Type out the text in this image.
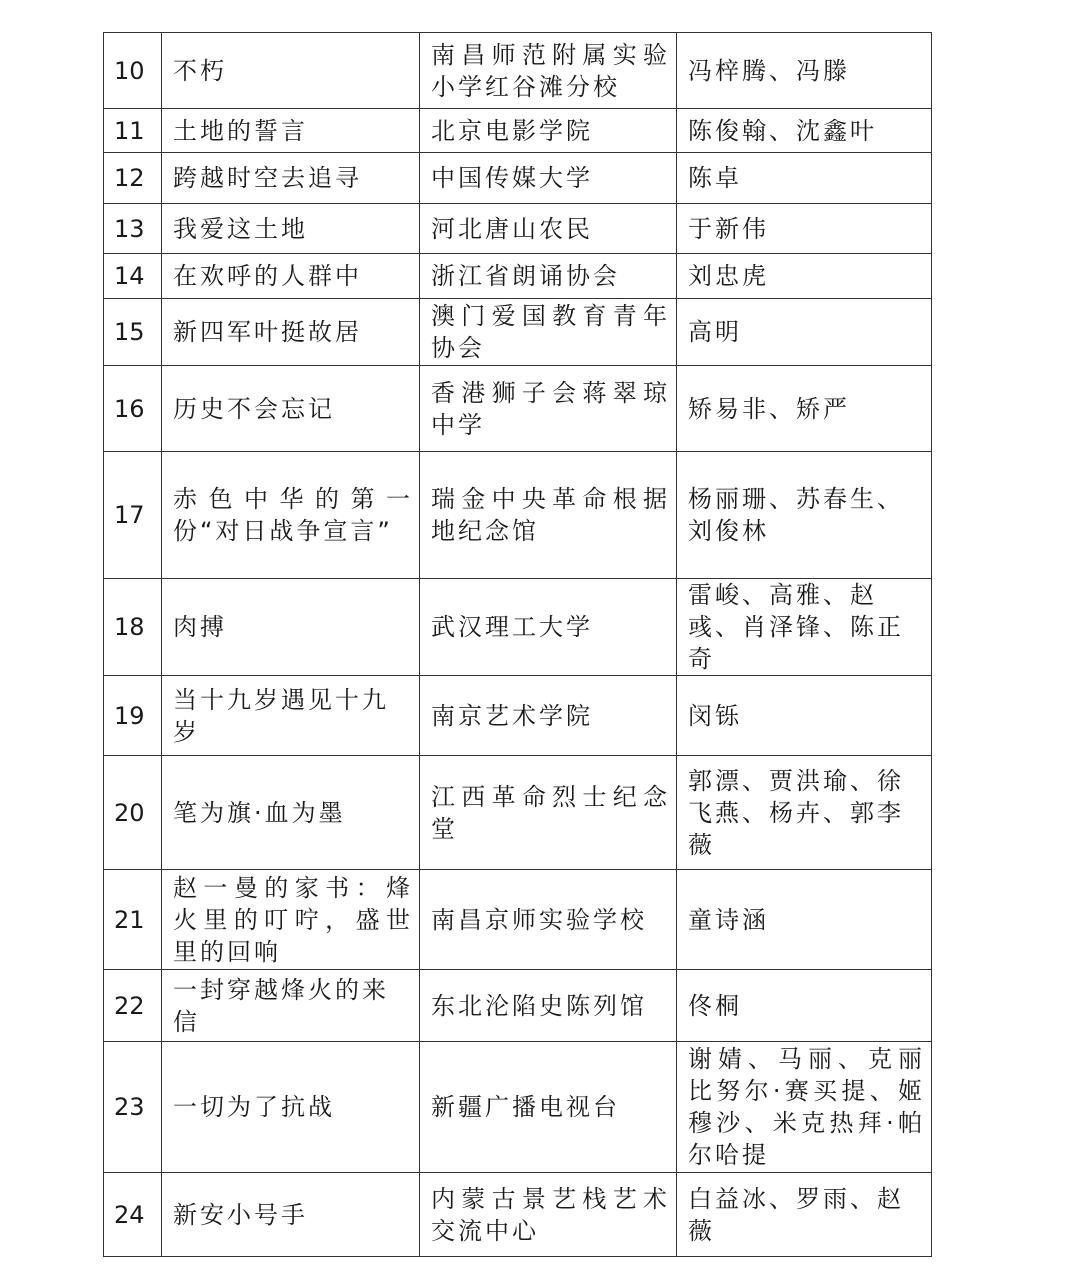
10	不朽	南昌师范附属实验小学红谷滩分校	冯梓腾、冯滕
11	土地的誓言	北京电影学院	陈俊翰、沈鑫叶
12	跨越时空去追寻	中国传媒大学	陈卓
13	我爱这土地	河北唐山农民	于新伟
14	在欢呼的人群中	浙江省朗诵协会	刘忠虎
15	新四军叶挺故居	澳门爱国教育青年协会	高明
16	历史不会忘记	香港狮子会蒋翠琼中学	矫易非、矫严
17	赤色中华的第一份“对日战争宣言”	瑞金中央革命根据地纪念馆	杨丽珊、苏春生、刘俊林
18	肉搏	武汉理工大学	雷峻、高雅、赵彧、肖泽锋、陈正奇
19	当十九岁遇见十九岁	南京艺术学院	闵铄
20	笔为旗·血为墨	江西革命烈士纪念堂	郭漂、贾洪瑜、徐飞燕、杨卉、郭李薇
21	赵一曼的家书：烽火里的叮咛，盛世里的回响	南昌京师实验学校	童诗涵
22	一封穿越烽火的来信	东北沦陷史陈列馆	佟桐
23	一切为了抗战	新疆广播电视台	谢婧、马丽、克丽比努尔·赛买提、姬穆沙、米克热拜·帕尔哈提
24	新安小号手	内蒙古景艺栈艺术交流中心	白益冰、罗雨、赵薇
